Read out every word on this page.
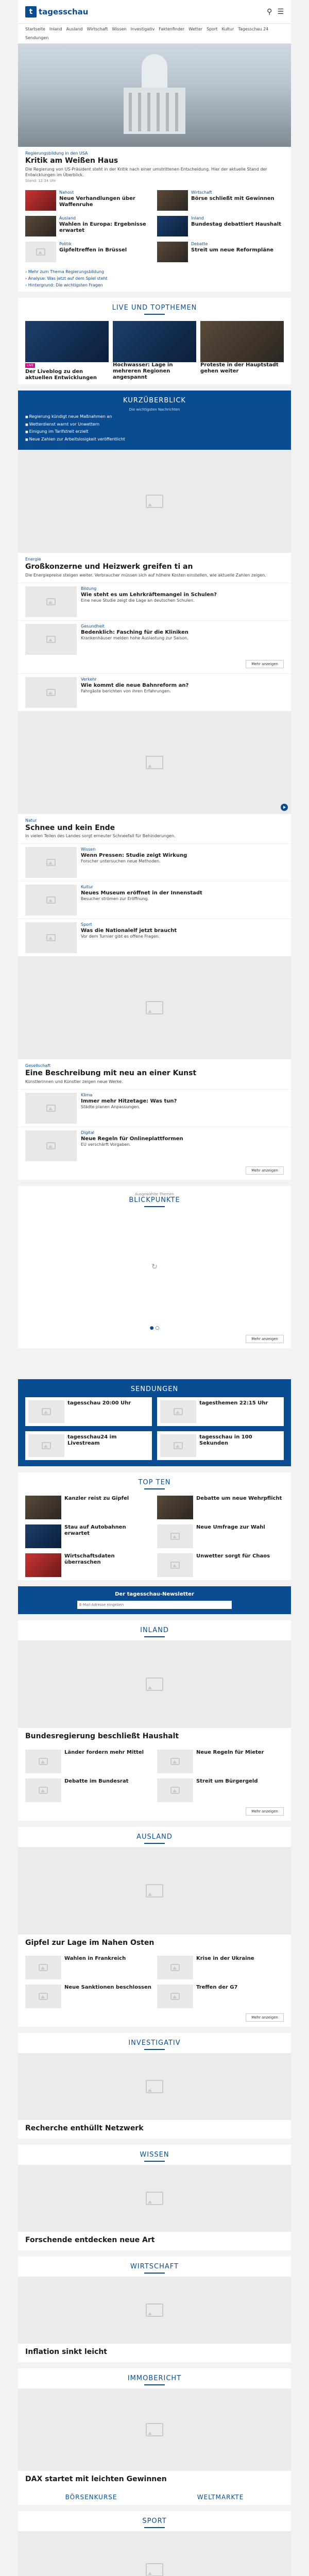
t tagesschau	⚲ ☰
Startseite Inland Ausland Wirtschaft Wissen Investigativ Faktenfinder Wetter Sport Kultur Tagesschau 24
Sendungen
Regierungsbildung in den USA
Kritik am Weißen Haus
Die Regierung von US-Präsident steht in der Kritik nach einer umstrittenen Entscheidung. Hier der aktuelle Stand der Entwicklungen im Überblick.
Stand: 12:34 Uhr
Nahost
Neue Verhandlungen über Waffenruhe
Wirtschaft
Börse schließt mit Gewinnen
Ausland
Wahlen in Europa: Ergebnisse erwartet
Inland
Bundestag debattiert Haushalt
Politik
Gipfeltreffen in Brüssel
Debatte
Streit um neue Reformpläne
› Mehr zum Thema Regierungsbildung
› Analyse: Was jetzt auf dem Spiel steht
› Hintergrund: Die wichtigsten Fragen
LIVE UND TOPTHEMEN
LIVE
Der Liveblog zu den aktuellen Entwicklungen
Hochwasser: Lage in mehreren Regionen angespannt
Proteste in der Hauptstadt gehen weiter
KURZÜBERBLICK
Die wichtigsten Nachrichten
■ Regierung kündigt neue Maßnahmen an
■ Wetterdienst warnt vor Unwettern
■ Einigung im Tarifstreit erzielt
■ Neue Zahlen zur Arbeitslosigkeit veröffentlicht
Energie
Großkonzerne und Heizwerk greifen ti an
Die Energiepreise steigen weiter. Verbraucher müssen sich auf höhere Kosten einstellen, wie aktuelle Zahlen zeigen.
Bildung
Wie steht es um Lehrkräftemangel in Schulen?
Eine neue Studie zeigt die Lage an deutschen Schulen.
Gesundheit
Bedenklich: Fasching für die Kliniken
Krankenhäuser melden hohe Auslastung zur Saison.
Mehr anzeigen
Verkehr
Wie kommt die neue Bahnreform an?
Fahrgäste berichten von ihren Erfahrungen.
Natur
Schnee und kein Ende
In vielen Teilen des Landes sorgt erneuter Schneefall für Behinderungen.
Wissen
Wenn Pressen: Studie zeigt Wirkung
Forscher untersuchen neue Methoden.
Kultur
Neues Museum eröffnet in der Innenstadt
Besucher strömen zur Eröffnung.
Sport
Was die Nationalelf jetzt braucht
Vor dem Turnier gibt es offene Fragen.
Gesellschaft
Eine Beschreibung mit neu an einer Kunst
Künstlerinnen und Künstler zeigen neue Werke.
Klima
Immer mehr Hitzetage: Was tun?
Städte planen Anpassungen.
Digital
Neue Regeln für Onlineplattformen
EU verschärft Vorgaben.
Mehr anzeigen
Ausgewählte Themen
BLICKPUNKTE
↻
● ○
Mehr anzeigen
SENDUNGEN
tagesschau 20:00 Uhr	tagesthemen 22:15 Uhr
tagesschau24 im Livestream
tagesschau in 100 Sekunden
TOP TEN
Kanzler reist zu Gipfel	Debatte um neue Wehrpflicht
Stau auf Autobahnen erwartet
Neue Umfrage zur Wahl
Wirtschaftsdaten überraschen
Unwetter sorgt für Chaos
Der tagesschau-Newsletter
E-Mail-Adresse eingeben
INLAND
Bundesregierung beschließt Haushalt
Länder fordern mehr Mittel	Neue Regeln für Mieter
Debatte im Bundesrat	Streit um Bürgergeld
Mehr anzeigen
AUSLAND
Gipfel zur Lage im Nahen Osten
Wahlen in Frankreich	Krise in der Ukraine
Neue Sanktionen beschlossen	Treffen der G7
Mehr anzeigen
INVESTIGATIV
Recherche enthüllt Netzwerk
WISSEN
Forschende entdecken neue Art
WIRTSCHAFT
Inflation sinkt leicht
IMMOBERICHT
DAX startet mit leichten Gewinnen
BÖRSENKURSE	WELTMARKTE
SPORT
